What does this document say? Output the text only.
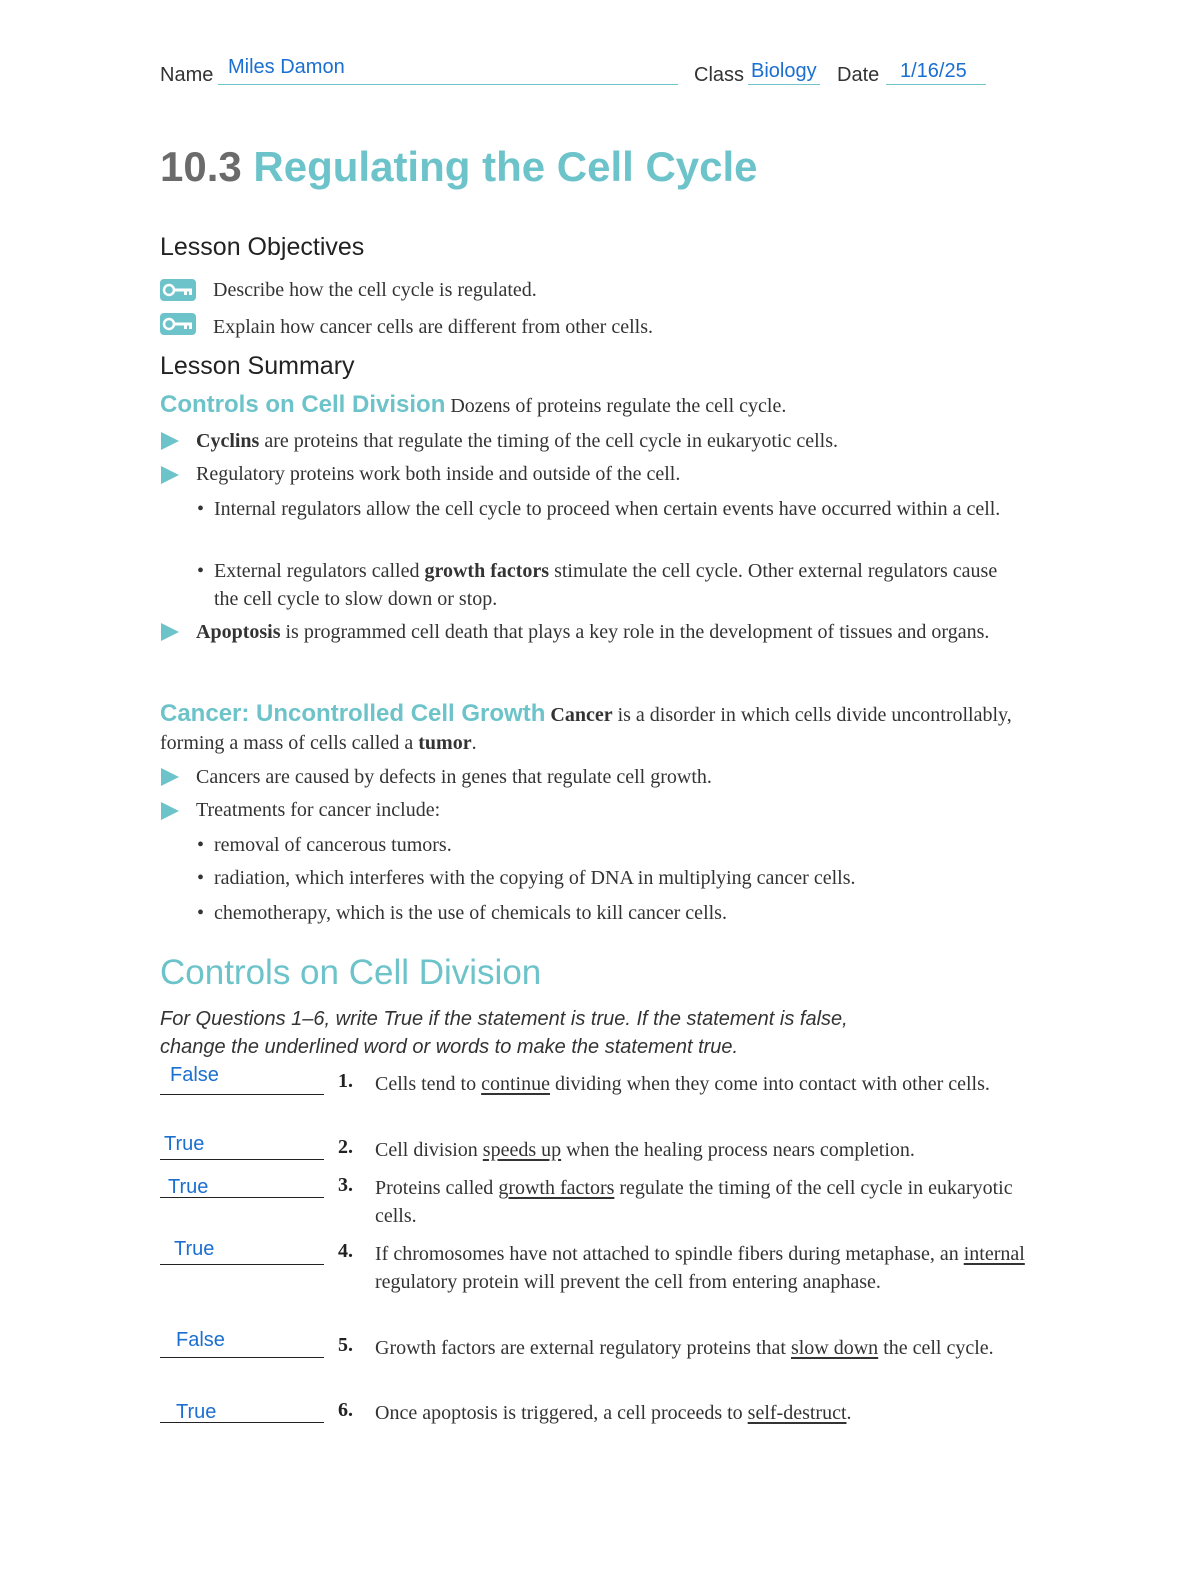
Name Miles Damon	Class Biology Date 1/16/25
10.3 Regulating the Cell Cycle
Lesson Objectives
Describe how the cell cycle is regulated.
Explain how cancer cells are different from other cells.
Lesson Summary
Controls on Cell Division Dozens of proteins regulate the cell cycle.
Cyclins are proteins that regulate the timing of the cell cycle in eukaryotic cells.
Regulatory proteins work both inside and outside of the cell.
• Internal regulators allow the cell cycle to proceed when certain events have occurred within a cell.
• External regulators called growth factors stimulate the cell cycle. Other external regulators cause the cell cycle to slow down or stop.
Apoptosis is programmed cell death that plays a key role in the development of tissues and organs.
Cancer: Uncontrolled Cell Growth Cancer is a disorder in which cells divide uncontrollably, forming a mass of cells called a tumor.
Cancers are caused by defects in genes that regulate cell growth.
Treatments for cancer include:
• removal of cancerous tumors.
• radiation, which interferes with the copying of DNA in multiplying cancer cells.
• chemotherapy, which is the use of chemicals to kill cancer cells.
Controls on Cell Division
For Questions 1–6, write True if the statement is true. If the statement is false,
change the underlined word or words to make the statement true.
False	1. Cells tend to continue dividing when they come into contact with other cells.
True	2. Cell division speeds up when the healing process nears completion.
True	3. Proteins called growth factors regulate the timing of the cell cycle in eukaryotic cells.
True	4. If chromosomes have not attached to spindle fibers during metaphase, an internal regulatory protein will prevent the cell from entering anaphase.
False	5. Growth factors are external regulatory proteins that slow down the cell cycle.
True	6. Once apoptosis is triggered, a cell proceeds to self-destruct.
